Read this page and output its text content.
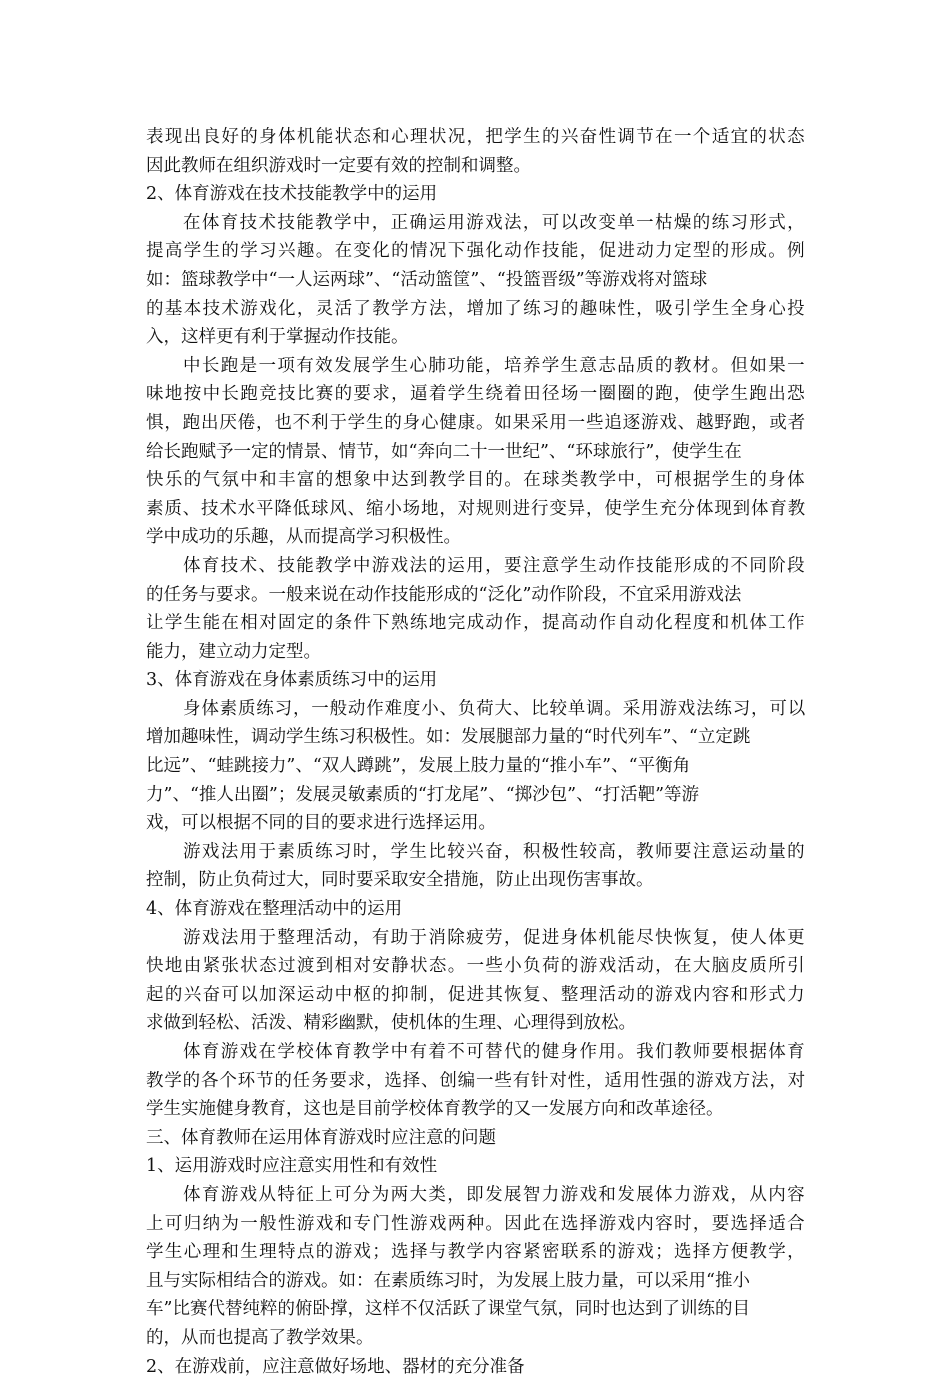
表现出良好的身体机能状态和心理状况，把学生的兴奋性调节在一个适宜的状态
因此教师在组织游戏时一定要有效的控制和调整。
2、体育游戏在技术技能教学中的运用
在体育技术技能教学中，正确运用游戏法，可以改变单一枯燥的练习形式，
提高学生的学习兴趣。在变化的情况下强化动作技能，促进动力定型的形成。例
如：篮球教学中“一人运两球”、“活动篮筐”、“投篮晋级”等游戏将对篮球
的基本技术游戏化，灵活了教学方法，增加了练习的趣味性，吸引学生全身心投
入，这样更有利于掌握动作技能。
中长跑是一项有效发展学生心肺功能，培养学生意志品质的教材。但如果一
味地按中长跑竞技比赛的要求，逼着学生绕着田径场一圈圈的跑，使学生跑出恐
惧，跑出厌倦，也不利于学生的身心健康。如果采用一些追逐游戏、越野跑，或者
给长跑赋予一定的情景、情节，如“奔向二十一世纪”、“环球旅行”，使学生在
快乐的气氛中和丰富的想象中达到教学目的。在球类教学中，可根据学生的身体
素质、技术水平降低球风、缩小场地，对规则进行变异，使学生充分体现到体育教
学中成功的乐趣，从而提高学习积极性。
体育技术、技能教学中游戏法的运用，要注意学生动作技能形成的不同阶段
的任务与要求。一般来说在动作技能形成的“泛化”动作阶段，不宜采用游戏法
让学生能在相对固定的条件下熟练地完成动作，提高动作自动化程度和机体工作
能力，建立动力定型。
3、体育游戏在身体素质练习中的运用
身体素质练习，一般动作难度小、负荷大、比较单调。采用游戏法练习，可以
增加趣味性，调动学生练习积极性。如：发展腿部力量的“时代列车”、“立定跳
比远”、“蛙跳接力”、“双人蹲跳”，发展上肢力量的“推小车”、“平衡角
力”、“推人出圈”；发展灵敏素质的“打龙尾”、“掷沙包”、“打活靶”等游
戏，可以根据不同的目的要求进行选择运用。
游戏法用于素质练习时，学生比较兴奋，积极性较高，教师要注意运动量的
控制，防止负荷过大，同时要采取安全措施，防止出现伤害事故。
4、体育游戏在整理活动中的运用
游戏法用于整理活动，有助于消除疲劳，促进身体机能尽快恢复，使人体更
快地由紧张状态过渡到相对安静状态。一些小负荷的游戏活动，在大脑皮质所引
起的兴奋可以加深运动中枢的抑制，促进其恢复、整理活动的游戏内容和形式力
求做到轻松、活泼、精彩幽默，使机体的生理、心理得到放松。
体育游戏在学校体育教学中有着不可替代的健身作用。我们教师要根据体育
教学的各个环节的任务要求，选择、创编一些有针对性，适用性强的游戏方法，对
学生实施健身教育，这也是目前学校体育教学的又一发展方向和改革途径。
三、体育教师在运用体育游戏时应注意的问题
1、运用游戏时应注意实用性和有效性
体育游戏从特征上可分为两大类，即发展智力游戏和发展体力游戏，从内容
上可归纳为一般性游戏和专门性游戏两种。因此在选择游戏内容时，要选择适合
学生心理和生理特点的游戏；选择与教学内容紧密联系的游戏；选择方便教学，
且与实际相结合的游戏。如：在素质练习时，为发展上肢力量，可以采用“推小
车”比赛代替纯粹的俯卧撑，这样不仅活跃了课堂气氛，同时也达到了训练的目
的，从而也提高了教学效果。
2、在游戏前，应注意做好场地、器材的充分准备
